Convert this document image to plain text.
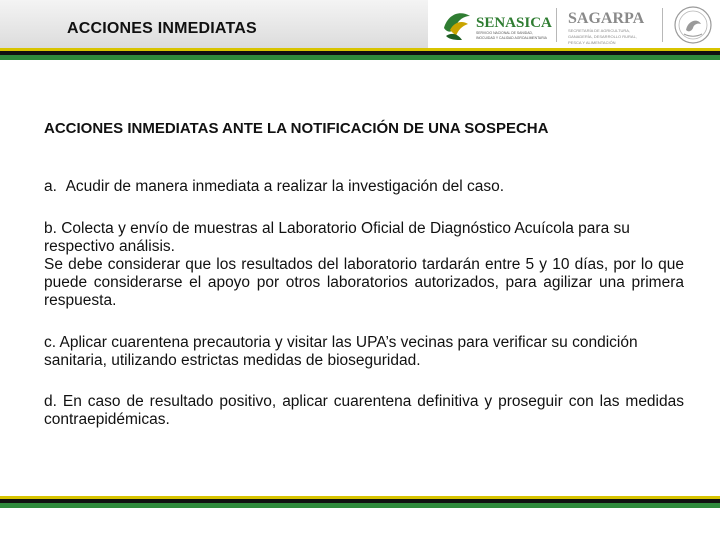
ACCIONES INMEDIATAS	SENASICA
SERVICIO NACIONAL DE SANIDAD,
INOCUIDAD Y CALIDAD AGROALIMENTARIA
SAGARPA
SECRETARÍA DE AGRICULTURA,
GANADERÍA, DESARROLLO RURAL,
PESCA Y ALIMENTACIÓN
ACCIONES INMEDIATAS ANTE LA NOTIFICACIÓN DE UNA SOSPECHA
a. Acudir de manera inmediata a realizar la investigación del caso.
b. Colecta y envío de muestras al Laboratorio Oficial de Diagnóstico Acuícola para su respectivo análisis.
Se debe considerar que los resultados del laboratorio tardarán entre 5 y 10 días, por lo que puede considerarse el apoyo por otros laboratorios autorizados, para agilizar una primera respuesta.
c. Aplicar cuarentena precautoria y visitar las UPA’s vecinas para verificar su condición sanitaria, utilizando estrictas medidas de bioseguridad.
d. En caso de resultado positivo, aplicar cuarentena definitiva y proseguir con las medidas contraepidémicas.
